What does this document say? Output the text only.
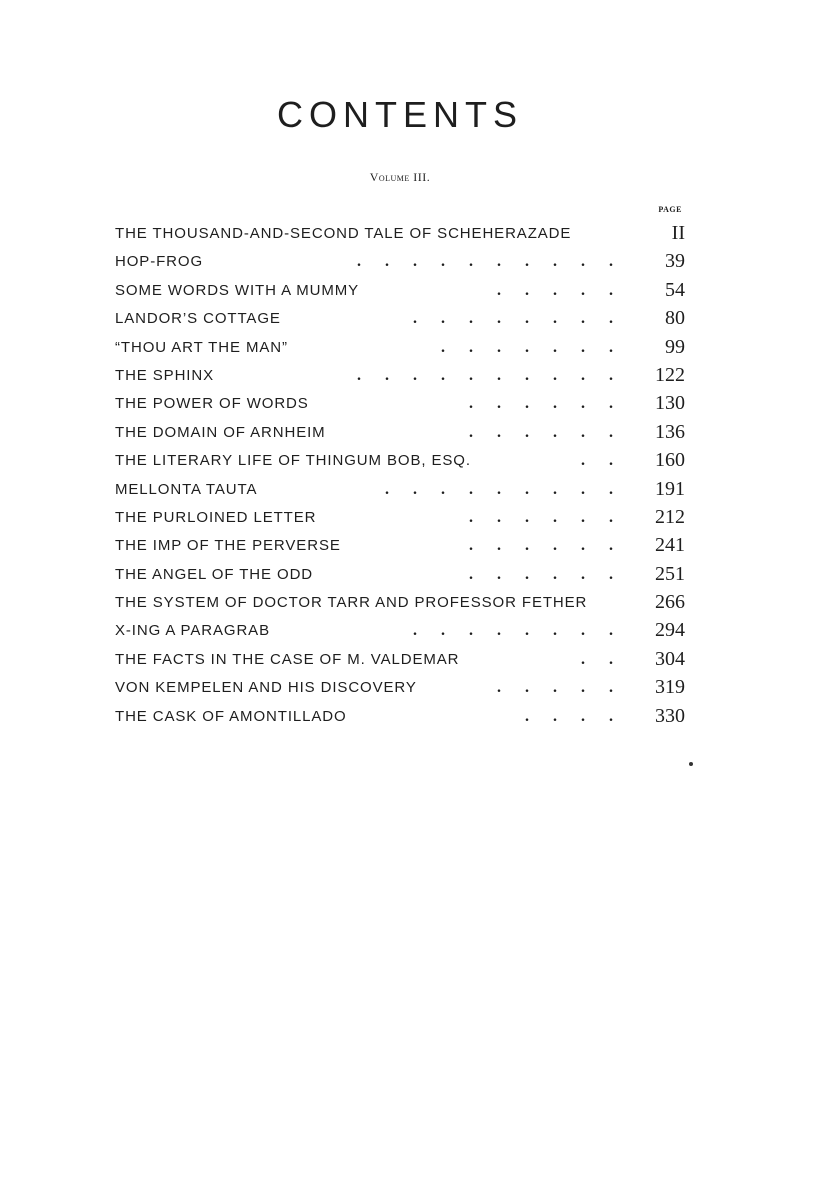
CONTENTS
Volume III.
PAGE
THE THOUSAND-AND-SECOND TALE OF SCHEHERAZADE	II
HOP-FROG	..........	39
SOME WORDS WITH A MUMMY	.....	54
LANDOR’S COTTAGE	........	80
“THOU ART THE MAN”	.......	99
THE SPHINX	.......... 122
THE POWER OF WORDS	...... 130
THE DOMAIN OF ARNHEIM	...... 136
THE LITERARY LIFE OF THINGUM BOB, ESQ.	.. 160
MELLONTA TAUTA	......... 191
THE PURLOINED LETTER	...... 212
THE IMP OF THE PERVERSE	...... 241
THE ANGEL OF THE ODD	...... 251
THE SYSTEM OF DOCTOR TARR AND PROFESSOR FETHER	266
X-ING A PARAGRAB	........ 294
THE FACTS IN THE CASE OF M. VALDEMAR	.. 304
VON KEMPELEN AND HIS DISCOVERY	..... 319
THE CASK OF AMONTILLADO	.... 330
